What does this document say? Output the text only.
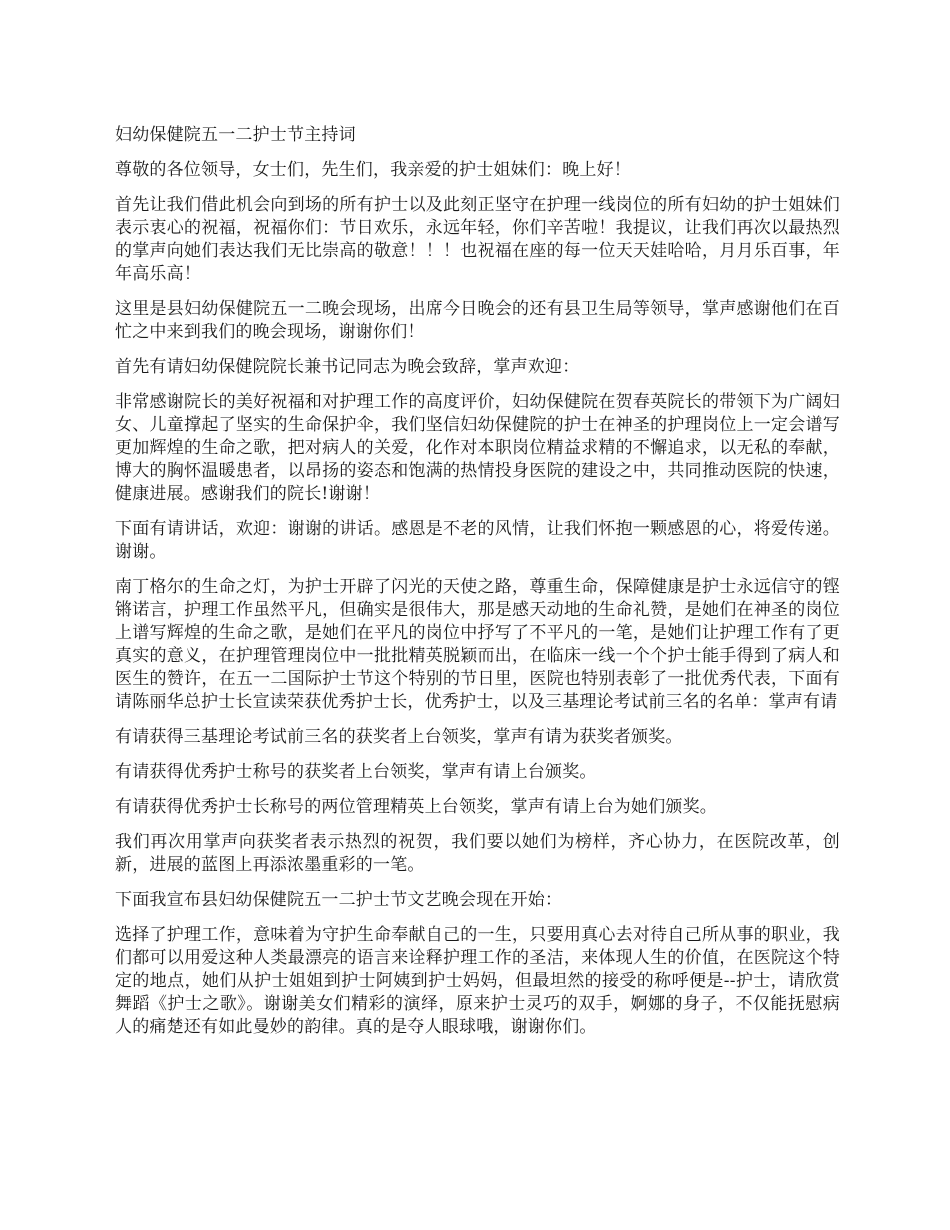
妇幼保健院五一二护士节主持词

尊敬的各位领导，女士们，先生们，我亲爱的护士姐妹们：晚上好！

首先让我们借此机会向到场的所有护士以及此刻正坚守在护理一线岗位的所有妇幼的护士姐妹们表示衷心的祝福，祝福你们：节日欢乐，永远年轻，你们辛苦啦！我提议，让我们再次以最热烈的掌声向她们表达我们无比崇高的敬意！！！也祝福在座的每一位天天娃哈哈，月月乐百事，年年高乐高！

这里是县妇幼保健院五一二晚会现场，出席今日晚会的还有县卫生局等领导，掌声感谢他们在百忙之中来到我们的晚会现场，谢谢你们！

首先有请妇幼保健院院长兼书记同志为晚会致辞，掌声欢迎：

非常感谢院长的美好祝福和对护理工作的高度评价，妇幼保健院在贺春英院长的带领下为广阔妇女、儿童撑起了坚实的生命保护伞，我们坚信妇幼保健院的护士在神圣的护理岗位上一定会谱写更加辉煌的生命之歌，把对病人的关爱，化作对本职岗位精益求精的不懈追求，以无私的奉献，博大的胸怀温暖患者，以昂扬的姿态和饱满的热情投身医院的建设之中，共同推动医院的快速，健康进展。感谢我们的院长!谢谢！

下面有请讲话，欢迎：谢谢的讲话。感恩是不老的风情，让我们怀抱一颗感恩的心，将爱传递。谢谢。

南丁格尔的生命之灯，为护士开辟了闪光的天使之路，尊重生命，保障健康是护士永远信守的铿锵诺言，护理工作虽然平凡，但确实是很伟大，那是感天动地的生命礼赞，是她们在神圣的岗位上谱写辉煌的生命之歌，是她们在平凡的岗位中抒写了不平凡的一笔，是她们让护理工作有了更真实的意义，在护理管理岗位中一批批精英脱颖而出，在临床一线一个个护士能手得到了病人和医生的赞许，在五一二国际护士节这个特别的节日里，医院也特别表彰了一批优秀代表，下面有请陈丽华总护士长宣读荣获优秀护士长，优秀护士，以及三基理论考试前三名的名单：掌声有请

有请获得三基理论考试前三名的获奖者上台领奖，掌声有请为获奖者颁奖。

有请获得优秀护士称号的获奖者上台领奖，掌声有请上台颁奖。

有请获得优秀护士长称号的两位管理精英上台领奖，掌声有请上台为她们颁奖。

我们再次用掌声向获奖者表示热烈的祝贺，我们要以她们为榜样，齐心协力，在医院改革，创新，进展的蓝图上再添浓墨重彩的一笔。

下面我宣布县妇幼保健院五一二护士节文艺晚会现在开始：

选择了护理工作，意味着为守护生命奉献自己的一生，只要用真心去对待自己所从事的职业，我们都可以用爱这种人类最漂亮的语言来诠释护理工作的圣洁，来体现人生的价值，在医院这个特定的地点，她们从护士姐姐到护士阿姨到护士妈妈，但最坦然的接受的称呼便是--护士，请欣赏舞蹈《护士之歌》。谢谢美女们精彩的演绎，原来护士灵巧的双手，婀娜的身子，不仅能抚慰病人的痛楚还有如此曼妙的韵律。真的是夺人眼球哦，谢谢你们。
